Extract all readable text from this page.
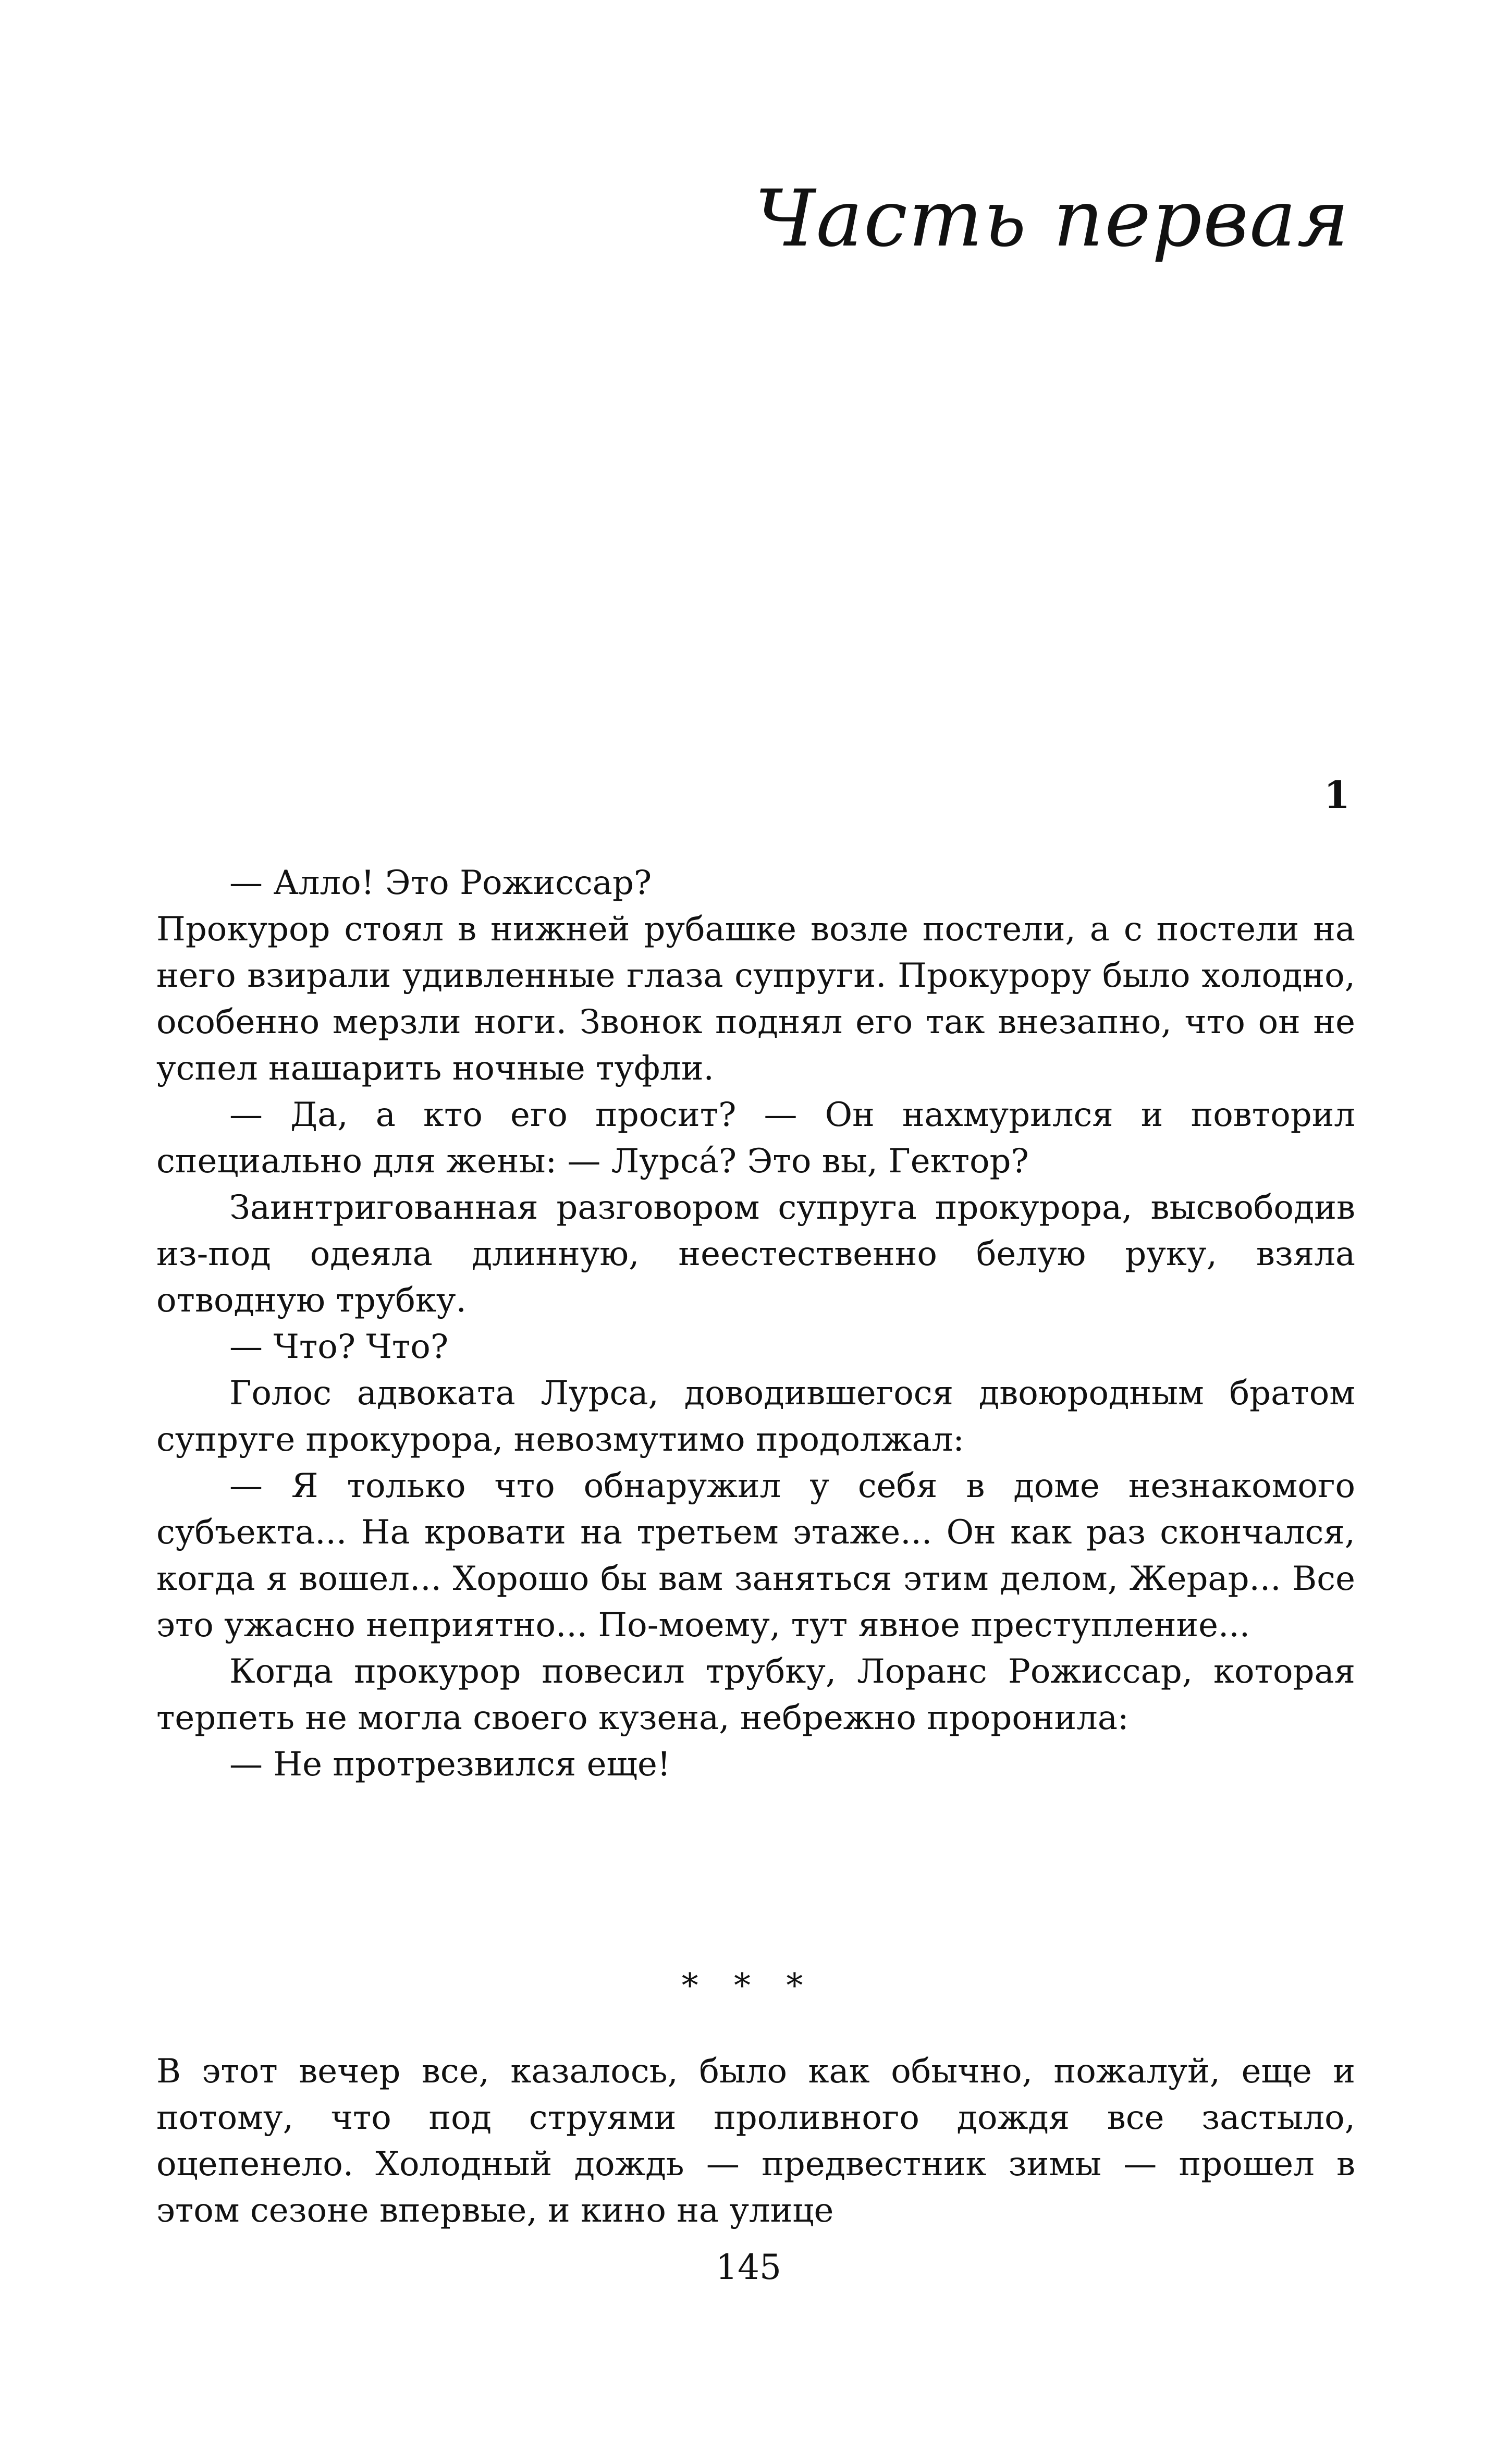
Часть первая
1

— Алло! Это Рожиссар?

Прокурор стоял в нижней рубашке возле постели, а с постели на него взирали удивленные глаза супруги. Прокурору было холодно, особенно мерзли ноги. Звонок поднял его так внезапно, что он не успел нашарить ночные туфли.

— Да, а кто его просит? — Он нахмурился и повторил специально для жены: — Лурса́? Это вы, Гектор?

Заинтригованная разговором супруга прокурора, высвободив из-под одеяла длинную, неестественно белую руку, взяла отводную трубку.

— Что? Что?

Голос адвоката Лурса, доводившегося двоюродным братом супруге прокурора, невозмутимо продолжал:

— Я только что обнаружил у себя в доме незнакомого субъекта... На кровати на третьем этаже... Он как раз скончался, когда я вошел... Хорошо бы вам заняться этим делом, Жерар... Все это ужасно неприятно... По-моему, тут явное преступление...

Когда прокурор повесил трубку, Лоранс Рожиссар, которая терпеть не могла своего кузена, небрежно проронила:

— Не протрезвился еще!

* * *

В этот вечер все, казалось, было как обычно, пожалуй, еще и потому, что под струями проливного дождя все застыло, оцепенело. Холодный дождь — предвестник зимы — прошел в этом сезоне впервые, и кино на улице

145
